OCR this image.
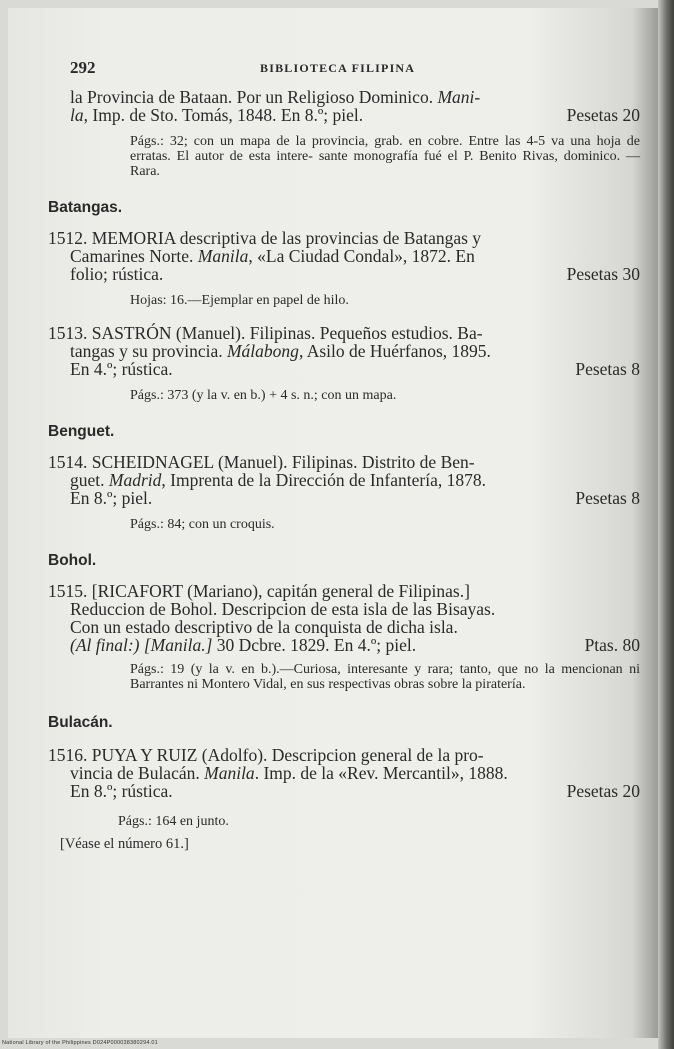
292	BIBLIOTECA FILIPINA

la Provincia de Bataan. Por un Religioso Dominico. Mani-

la, Imp. de Sto. Tomás, 1848. En 8.º; piel.	Pesetas 20

Págs.: 32; con un mapa de la provincia, grab. en cobre. Entre las 4-5 va una hoja de erratas. El autor de esta intere- sante monografía fué el P. Benito Rivas, dominico. — Rara.

Batangas.

1512. MEMORIA descriptiva de las provincias de Batangas y

Camarines Norte. Manila, «La Ciudad Condal», 1872. En

folio; rústica.	Pesetas 30

Hojas: 16.—Ejemplar en papel de hilo.

1513. SASTRÓN (Manuel). Filipinas. Pequeños estudios. Ba-

tangas y su provincia. Málabong, Asilo de Huérfanos, 1895.

En 4.º; rústica.	Pesetas 8

Págs.: 373 (y la v. en b.) + 4 s. n.; con un mapa.

Benguet.

1514. SCHEIDNAGEL (Manuel). Filipinas. Distrito de Ben-

guet. Madrid, Imprenta de la Dirección de Infantería, 1878.

En 8.º; piel.	Pesetas 8

Págs.: 84; con un croquis.

Bohol.

1515. [RICAFORT (Mariano), capitán general de Filipinas.]

Reduccion de Bohol. Descripcion de esta isla de las Bisayas.

Con un estado descriptivo de la conquista de dicha isla.

(Al final:) [Manila.] 30 Dcbre. 1829. En 4.º; piel.	Ptas. 80

Págs.: 19 (y la v. en b.).—Curiosa, interesante y rara; tanto, que no la mencionan ni Barrantes ni Montero Vidal, en sus respectivas obras sobre la piratería.

Bulacán.

1516. PUYA Y RUIZ (Adolfo). Descripcion general de la pro-

vincia de Bulacán. Manila. Imp. de la «Rev. Mercantil», 1888.

En 8.º; rústica.	Pesetas 20

Págs.: 164 en junto.

[Véase el número 61.]

National Library of the Philippines D024P000038380294.01
